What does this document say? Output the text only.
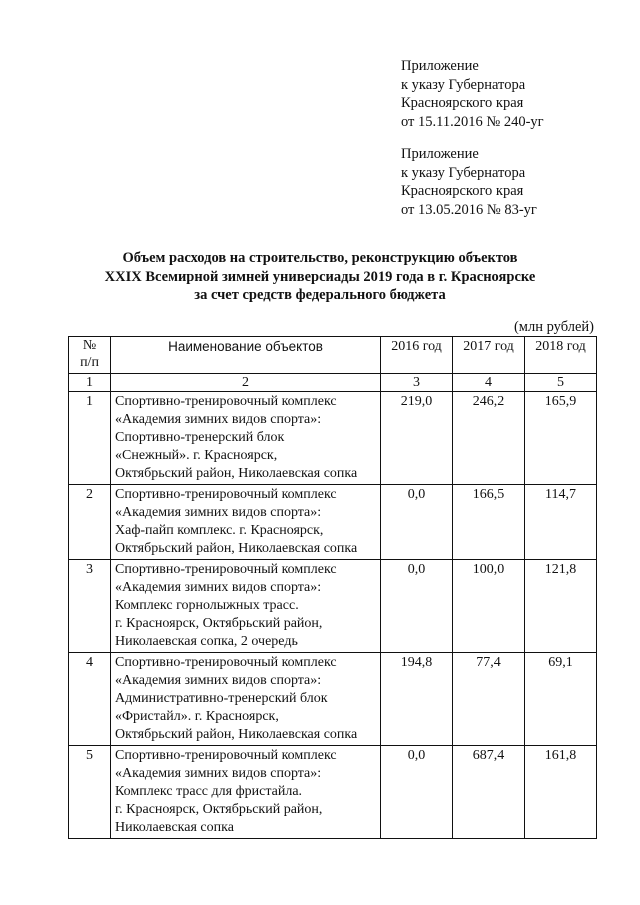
Приложение
к указу Губернатора
Красноярского края
от 15.11.2016 № 240-уг
Приложение
к указу Губернатора
Красноярского края
от 13.05.2016 № 83-уг
Объем расходов на строительство, реконструкцию объектов
XXIX Всемирной зимней универсиады 2019 года в г. Красноярске
за счет средств федерального бюджета
(млн рублей)
№
п/п	Наименование объектов	2016 год	2017 год	2018 год
1	2	3	4	5
1	Спортивно-тренировочный комплекс
«Академия зимних видов спорта»:
Спортивно-тренерский блок
«Снежный». г. Красноярск,
Октябрьский район, Николаевская сопка	219,0	246,2	165,9
2	Спортивно-тренировочный комплекс
«Академия зимних видов спорта»:
Хаф-пайп комплекс. г. Красноярск,
Октябрьский район, Николаевская сопка	0,0	166,5	114,7
3	Спортивно-тренировочный комплекс
«Академия зимних видов спорта»:
Комплекс горнолыжных трасс.
г. Красноярск, Октябрьский район,
Николаевская сопка, 2 очередь	0,0	100,0	121,8
4	Спортивно-тренировочный комплекс
«Академия зимних видов спорта»:
Административно-тренерский блок
«Фристайл». г. Красноярск,
Октябрьский район, Николаевская сопка	194,8	77,4	69,1
5	Спортивно-тренировочный комплекс
«Академия зимних видов спорта»:
Комплекс трасс для фристайла.
г. Красноярск, Октябрьский район,
Николаевская сопка	0,0	687,4	161,8
